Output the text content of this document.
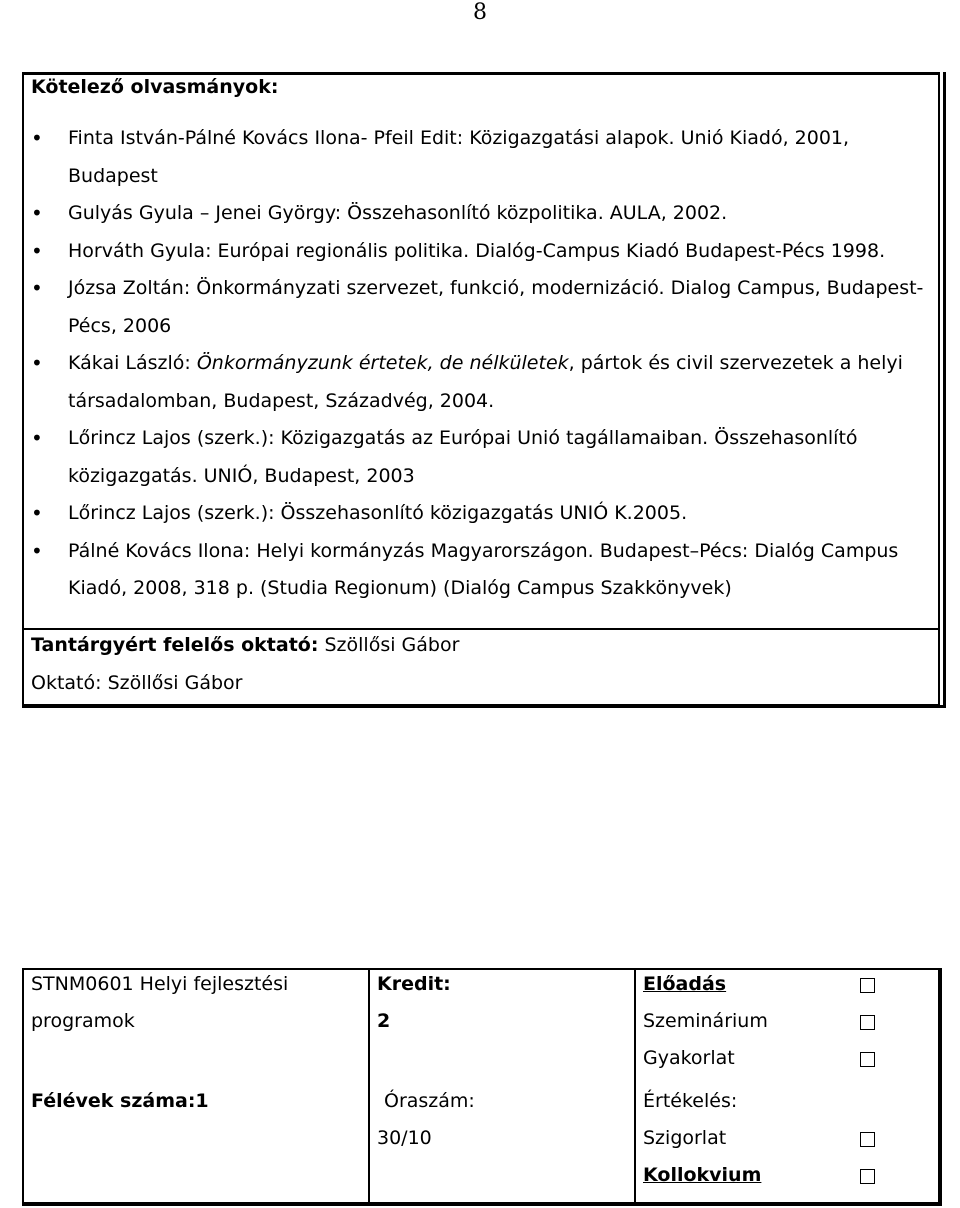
8
Kötelező olvasmányok:
• Finta István-Pálné Kovács Ilona- Pfeil Edit: Közigazgatási alapok. Unió Kiadó, 2001, Budapest
• Gulyás Gyula – Jenei György: Összehasonlító közpolitika. AULA, 2002.
• Horváth Gyula: Európai regionális politika. Dialóg-Campus Kiadó Budapest-Pécs 1998.
• Józsa Zoltán: Önkormányzati szervezet, funkció, modernizáció. Dialog Campus, Budapest-Pécs, 2006
• Kákai László: Önkormányzunk értetek, de nélkületek, pártok és civil szervezetek a helyi társadalomban, Budapest, Századvég, 2004.
• Lőrincz Lajos (szerk.): Közigazgatás az Európai Unió tagállamaiban. Összehasonlító közigazgatás. UNIÓ, Budapest, 2003
• Lőrincz Lajos (szerk.): Összehasonlító közigazgatás UNIÓ K.2005.
• Pálné Kovács Ilona: Helyi kormányzás Magyarországon. Budapest–Pécs: Dialóg Campus Kiadó, 2008, 318 p. (Studia Regionum) (Dialóg Campus Szakkönyvek)
Tantárgyért felelős oktató: Szöllősi Gábor
Oktató: Szöllősi Gábor
STNM0601 Helyi fejlesztési programok
Kredit:
2
Előadás
Szeminárium
Gyakorlat
Félévek száma:1	Óraszám:
30/10
Értékelés:
Szigorlat
Kollokvium
